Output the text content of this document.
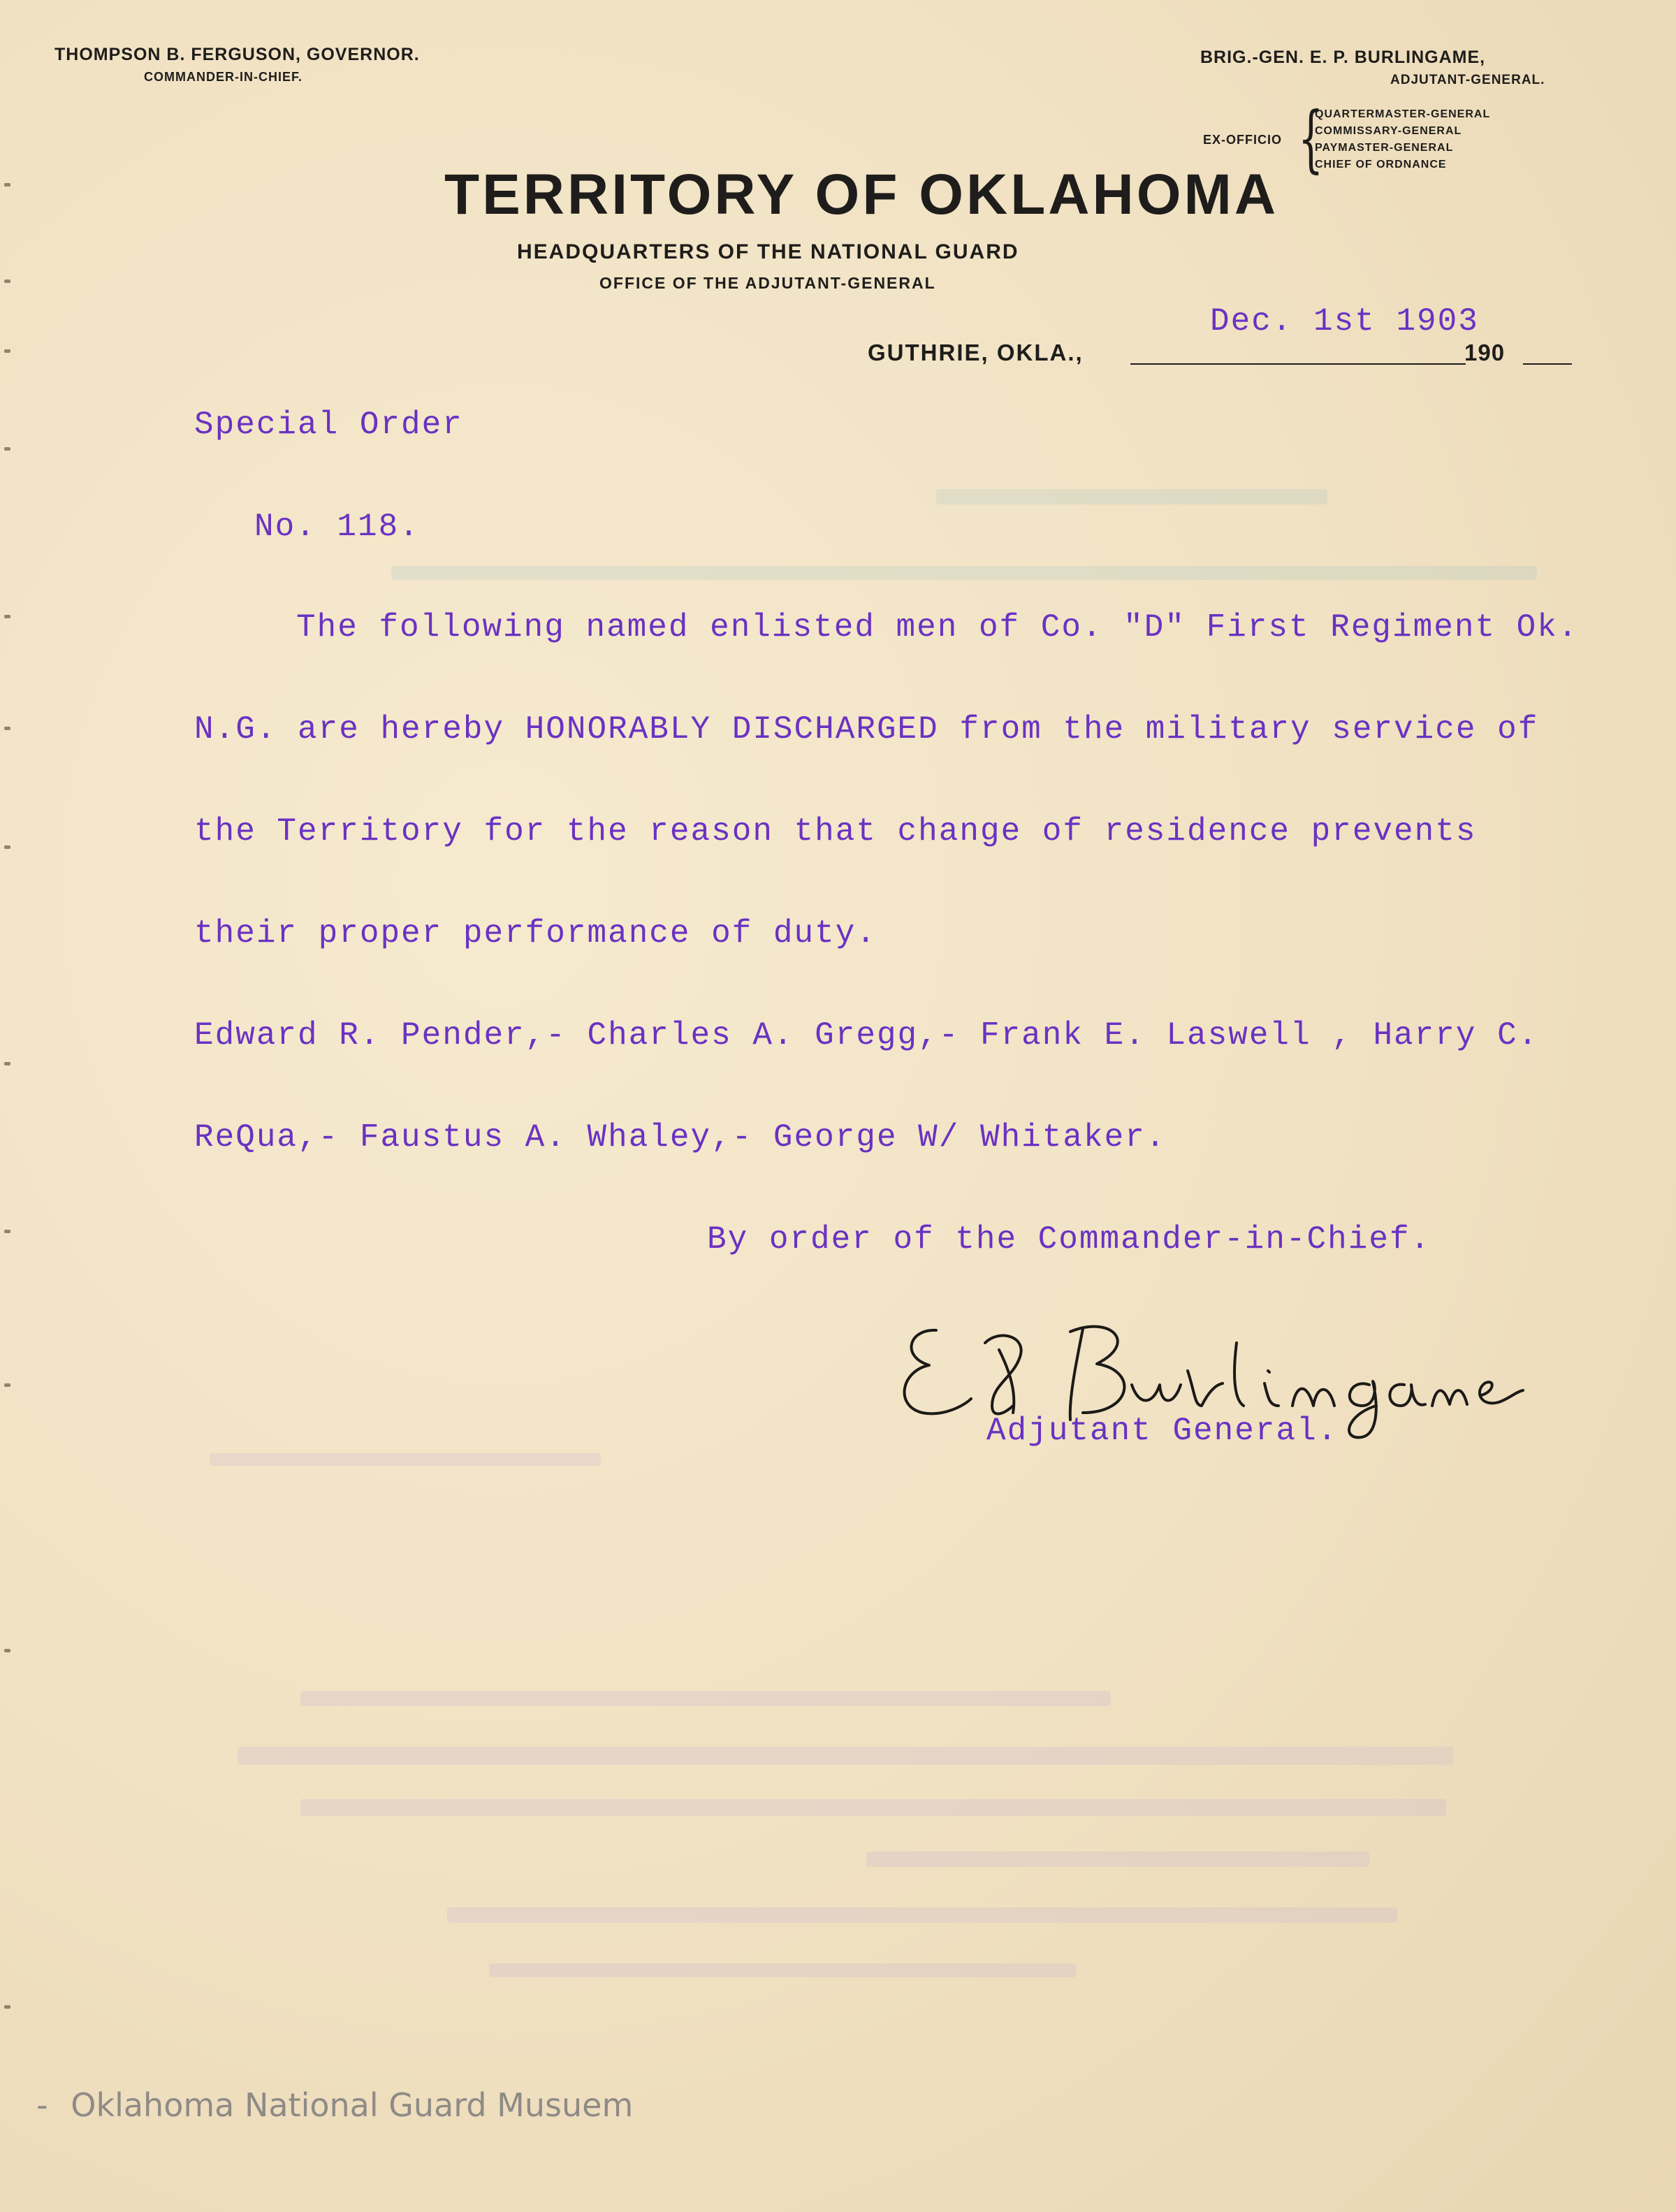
THOMPSON B. FERGUSON, GOVERNOR.
COMMANDER-IN-CHIEF.
BRIG.-GEN. E. P. BURLINGAME,
ADJUTANT-GENERAL.
EX-OFFICIO {
QUARTERMASTER-GENERAL
COMMISSARY-GENERAL
PAYMASTER-GENERAL
CHIEF OF ORDNANCE
TERRITORY OF OKLAHOMA
HEADQUARTERS OF THE NATIONAL GUARD
OFFICE OF THE ADJUTANT-GENERAL
GUTHRIE, OKLA.,	190
Dec. 1st 1903
Special Order
No. 118.
The following named enlisted men of Co. "D" First Regiment Ok.
N.G. are hereby HONORABLY DISCHARGED from the military service of
the Territory for the reason that change of residence prevents
their proper performance of duty.
Edward R. Pender,- Charles A. Gregg,- Frank E. Laswell , Harry C.
ReQua,- Faustus A. Whaley,- George W/ Whitaker.
By order of the Commander-in-Chief.
Adjutant General.
- Oklahoma National Guard Musuem
